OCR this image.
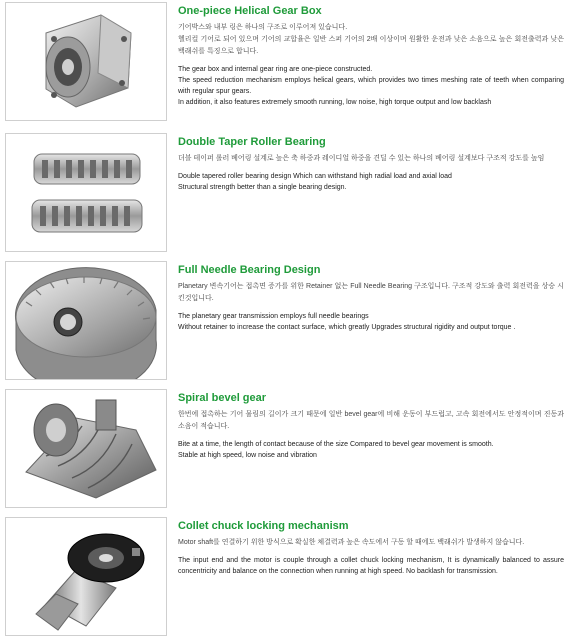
One-piece Helical Gear Box
기어박스와 내부 링은 하나의 구조로 이루어져 있습니다.
헬리컬 기어로 되어 있으며 기어의 교합율은 일반 스퍼 기어의 2배 이상이며 원활한 운전과 낮은 소음으로 높은 회전출력과 낮은 백래쉬를 특징으로 합니다.
The gear box and internal gear ring are one-piece constructed.
The speed reduction mechanism employs helical gears, which provides two times meshing rate of teeth when comparing with regular spur gears.
In addition, it also features extremely smooth running, low noise, high torque output and low backlash
Double Taper Roller Bearing
더블 테이퍼 롤러 베어링 설계로 높은 축 하중과 레이디얼 하중을 견딜 수 있는 하나의 베어링 설계보다 구조적 강도를 높임
Double tapered roller bearing design Which can withstand high radial load and axial load
Structural strength better than a single bearing design.
Full Needle Bearing Design
Planetary 변속기어는 접촉면 증가를 위한 Retainer 없는 Full Needle Bearing 구조입니다. 구조적 강도와 출력 회전력을 상승 시킨것입니다.
The planetary gear transmission employs full needle bearings
Without retainer to increase the contact surface, which greatly Upgrades structural rigidity and output torque .
Spiral bevel gear
한번에 접촉하는 기어 물림의 길이가 크기 때문에 일반 bevel gear에 비해 운동이 부드럽고, 고속 회전에서도 안정적이며 진동과 소음이 적습니다.
Bite at a time, the length of contact because of the size Compared to bevel gear movement is smooth.
Stable at high speed, low noise and vibration
Collet chuck locking mechanism
Motor shaft를 연결하기 위한 방식으로 확실한 체결력과 높은 속도에서 구동 할 때에도 백래쉬가 발생하지 않습니다.
The input end and the motor is couple through a collet chuck locking mechanism, It is dynamically balanced to assure concentricity and balance on the connection when running at high speed. No backlash for transmission.
